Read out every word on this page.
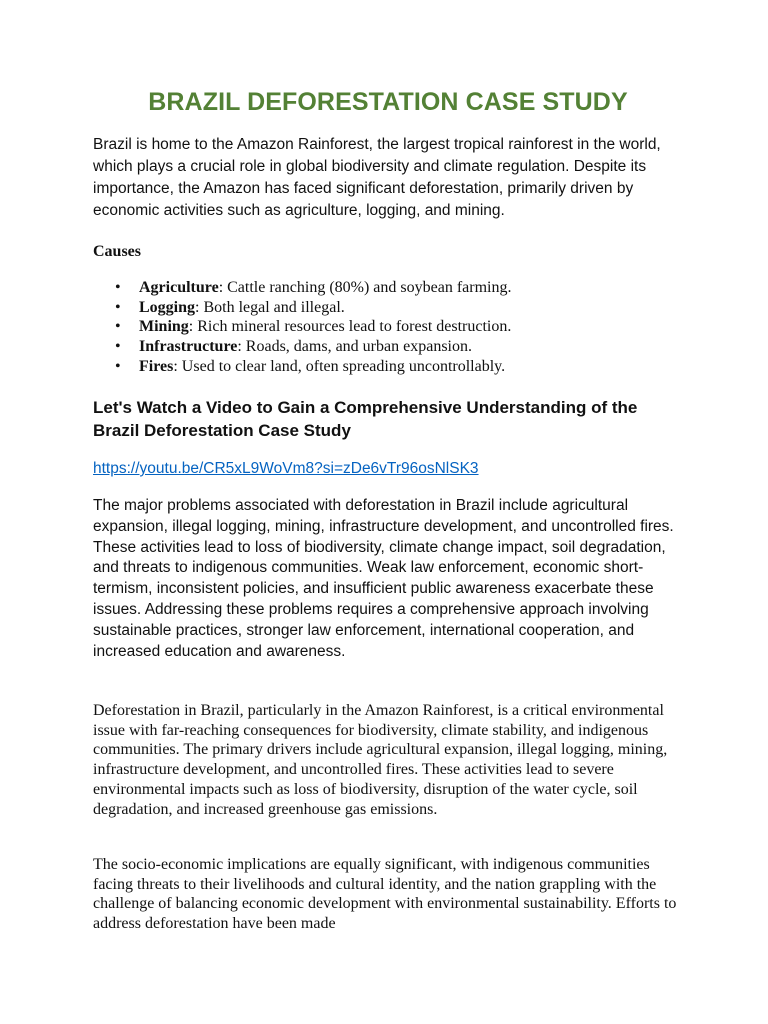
BRAZIL DEFORESTATION CASE STUDY

Brazil is home to the Amazon Rainforest, the largest tropical rainforest in the world, which plays a crucial role in global biodiversity and climate regulation. Despite its importance, the Amazon has faced significant deforestation, primarily driven by economic activities such as agriculture, logging, and mining.

Causes

• Agriculture: Cattle ranching (80%) and soybean farming.
• Logging: Both legal and illegal.
• Mining: Rich mineral resources lead to forest destruction.
• Infrastructure: Roads, dams, and urban expansion.
• Fires: Used to clear land, often spreading uncontrollably.
Let's Watch a Video to Gain a Comprehensive Understanding of the Brazil Deforestation Case Study
https://youtu.be/CR5xL9WoVm8?si=zDe6vTr96osNlSK3

The major problems associated with deforestation in Brazil include agricultural expansion, illegal logging, mining, infrastructure development, and uncontrolled fires. These activities lead to loss of biodiversity, climate change impact, soil degradation, and threats to indigenous communities. Weak law enforcement, economic short-termism, inconsistent policies, and insufficient public awareness exacerbate these issues. Addressing these problems requires a comprehensive approach involving sustainable practices, stronger law enforcement, international cooperation, and increased education and awareness.

Deforestation in Brazil, particularly in the Amazon Rainforest, is a critical environmental issue with far-reaching consequences for biodiversity, climate stability, and indigenous communities. The primary drivers include agricultural expansion, illegal logging, mining, infrastructure development, and uncontrolled fires. These activities lead to severe environmental impacts such as loss of biodiversity, disruption of the water cycle, soil degradation, and increased greenhouse gas emissions.

The socio-economic implications are equally significant, with indigenous communities facing threats to their livelihoods and cultural identity, and the nation grappling with the challenge of balancing economic development with environmental sustainability. Efforts to address deforestation have been made
